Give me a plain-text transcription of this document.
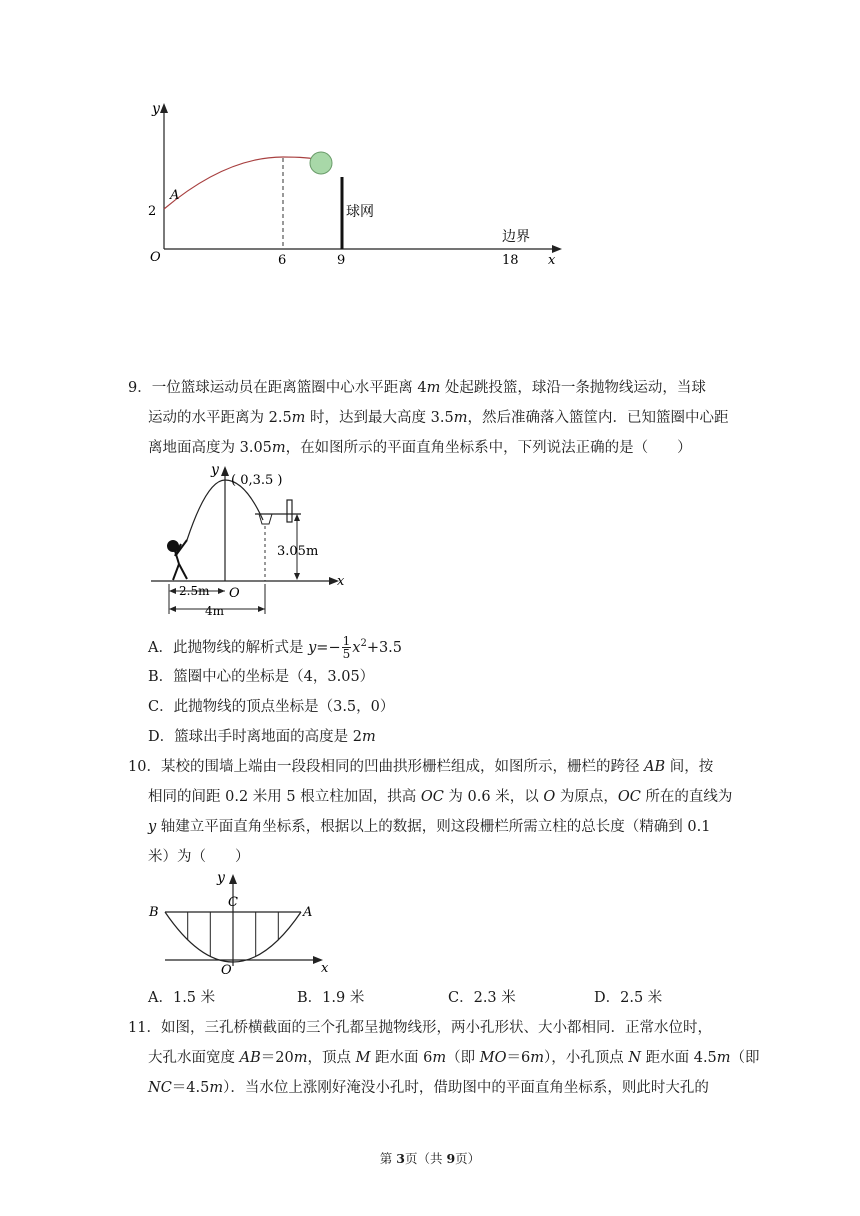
y
A
2
O	6	9	18 x
球网
边界
9．一位篮球运动员在距离篮圈中心水平距离 4m 处起跳投篮，球沿一条抛物线运动，当球
运动的水平距离为 2.5m 时，达到最大高度 3.5m，然后准确落入篮筐内．已知篮圈中心距
离地面高度为 3.05m，在如图所示的平面直角坐标系中，下列说法正确的是（　　）
y
( 0,3.5 )
3.05m
x
2.5m O
4m
A．此抛物线的解析式是 $y=- \frac{1}{5} x^2+3.5$
B．篮圈中心的坐标是（4，3.05）
C．此抛物线的顶点坐标是（3.5，0）
D．篮球出手时离地面的高度是 2m
10．某校的围墙上端由一段段相同的凹曲拱形栅栏组成，如图所示，栅栏的跨径 AB 间，按
相同的间距 0.2 米用 5 根立柱加固，拱高 OC 为 0.6 米，以 O 为原点，OC 所在的直线为
y 轴建立平面直角坐标系，根据以上的数据，则这段栅栏所需立柱的总长度（精确到 0.1
米）为（　　）
y
C
B	A
O	x
A．1.5 米	B．1.9 米	C．2.3 米	D．2.5 米
11．如图，三孔桥横截面的三个孔都呈抛物线形，两小孔形状、大小都相同．正常水位时，
大孔水面宽度 AB＝20m，顶点 M 距水面 6m（即 MO＝6m），小孔顶点 N 距水面 4.5m（即
NC＝4.5m）．当水位上涨刚好淹没小孔时，借助图中的平面直角坐标系，则此时大孔的
第 3页（共 9页）
